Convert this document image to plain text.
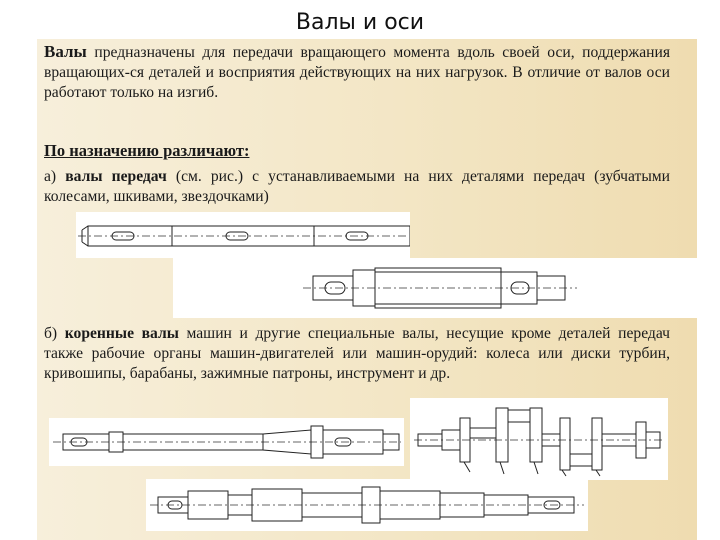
Валы и оси
Валы предназначены для передачи вращающего момента вдоль своей оси, поддержания вращающих-ся деталей и восприятия действующих на них нагрузок. В отличие от валов оси работают только на изгиб.
По назначению различают:
а) валы передач (см. рис.) с устанавливаемыми на них деталями передач (зубчатыми колесами, шкивами, звездочками)
б) коренные валы машин и другие специальные валы, несущие кроме деталей передач также рабочие органы машин-двигателей или машин-орудий: колеса или диски турбин, кривошипы, барабаны, зажимные патроны, инструмент и др.
